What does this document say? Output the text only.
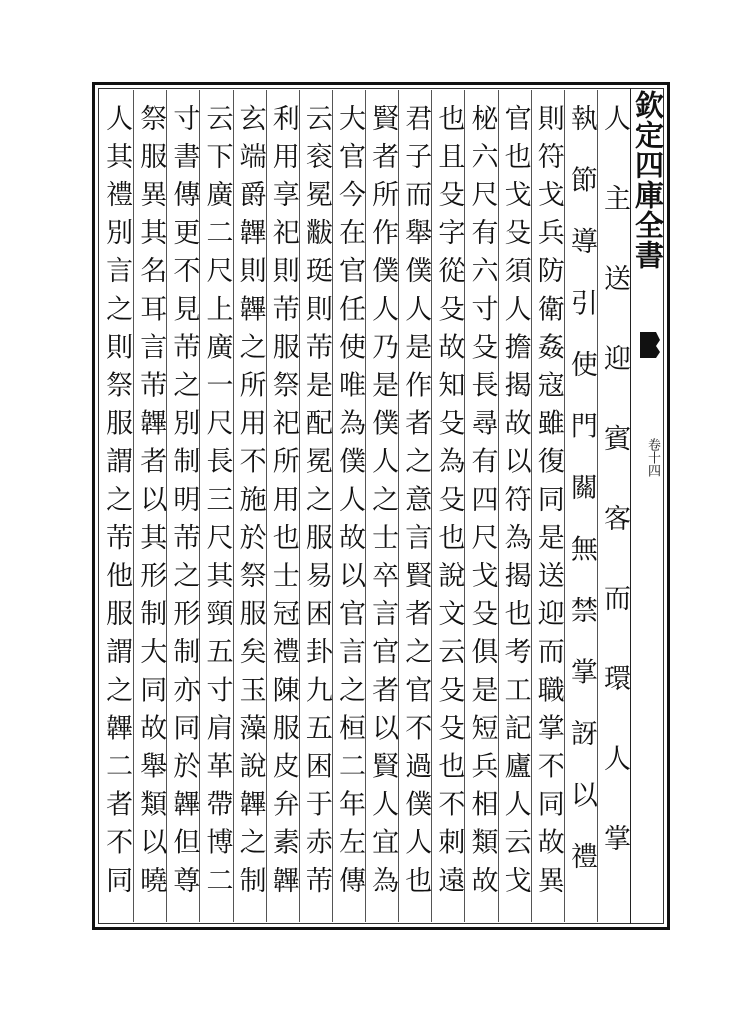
欽定四庫全書
卷十四
人主送迎賓客而環人掌
執節導引使門關無禁掌訝以禮
則符戈兵防衛姦寇雖復同是送迎而職掌不同故異
官也戈殳須人擔揭故以符為揭也考工記廬人云戈
柲六尺有六寸殳長尋有四尺戈殳俱是短兵相類故
也且殳字從殳故知殳為殳也說文云殳殳也不刺遠
君子而舉僕人是作者之意言賢者之官不過僕人也
賢者所作僕人乃是僕人之士卒言官者以賢人宜為
大官今在官任使唯為僕人故以官言之桓二年左傳
云衮冕黻珽則芾是配冕之服易困卦九五困于赤芾
利用享祀則芾服祭祀所用也士冠禮陳服皮弁素韠
玄端爵韠則韠之所用不施於祭服矣玉藻說韠之制
云下廣二尺上廣一尺長三尺其頸五寸肩革帶博二
寸書傳更不見芾之別制明芾之形制亦同於韠但尊
祭服異其名耳言芾韠者以其形制大同故舉類以曉
人其禮別言之則祭服謂之芾他服謂之韠二者不同
